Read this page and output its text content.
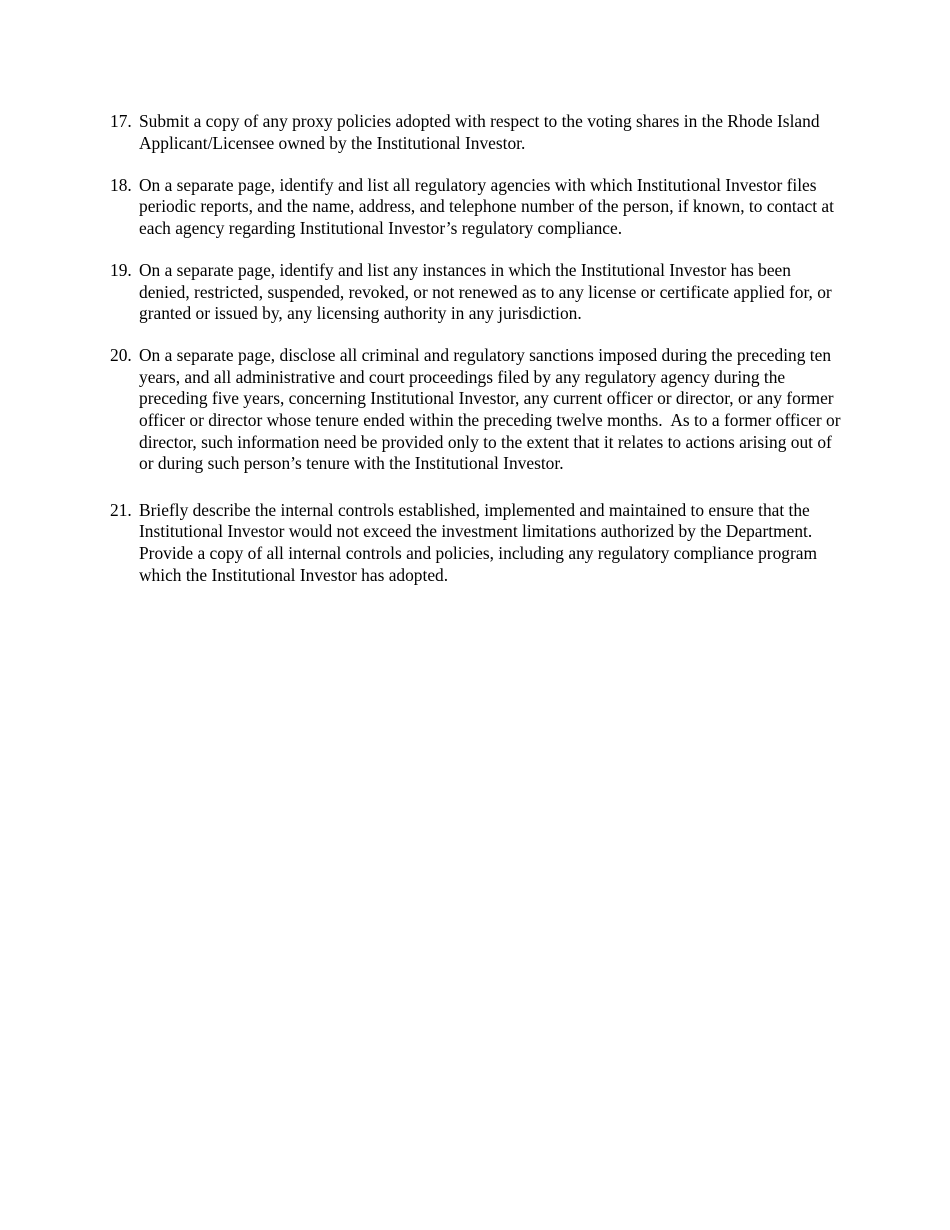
17. Submit a copy of any proxy policies adopted with respect to the voting shares in the Rhode Island Applicant/Licensee owned by the Institutional Investor.
18. On a separate page, identify and list all regulatory agencies with which Institutional Investor files periodic reports, and the name, address, and telephone number of the person, if known, to contact at each agency regarding Institutional Investor’s regulatory compliance.
19. On a separate page, identify and list any instances in which the Institutional Investor has been denied, restricted, suspended, revoked, or not renewed as to any license or certificate applied for, or granted or issued by, any licensing authority in any jurisdiction.
20. On a separate page, disclose all criminal and regulatory sanctions imposed during the preceding ten years, and all administrative and court proceedings filed by any regulatory agency during the preceding five years, concerning Institutional Investor, any current officer or director, or any former officer or director whose tenure ended within the preceding twelve months.  As to a former officer or director, such information need be provided only to the extent that it relates to actions arising out of or during such person’s tenure with the Institutional Investor.
21. Briefly describe the internal controls established, implemented and maintained to ensure that the Institutional Investor would not exceed the investment limitations authorized by the Department.  Provide a copy of all internal controls and policies, including any regulatory compliance program which the Institutional Investor has adopted.
